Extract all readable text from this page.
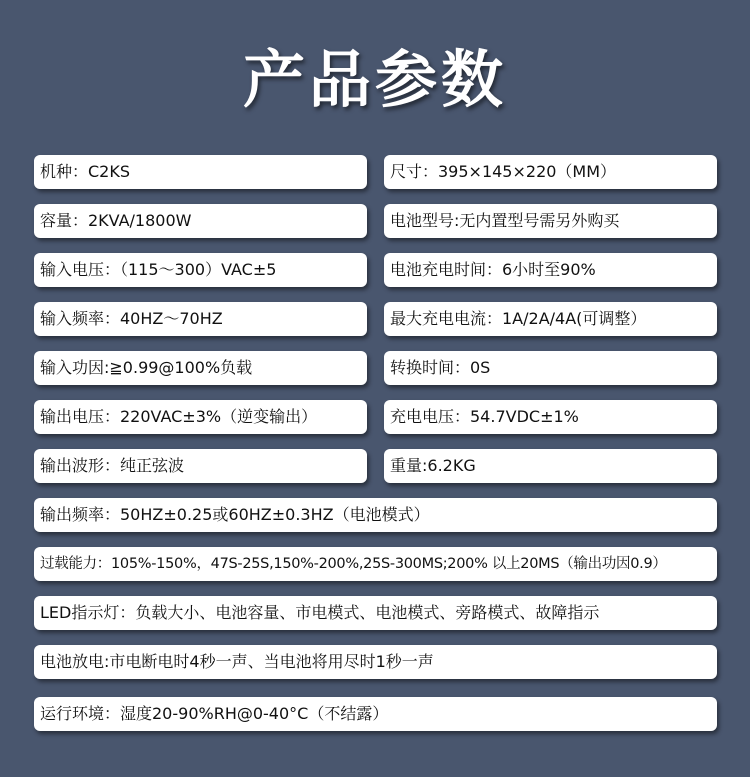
产品参数
机种：C2KS	尺寸：395×145×220（MM）
容量：2KVA/1800W	电池型号:无内置型号需另外购买
输入电压：（115～300）VAC±5	电池充电时间：6小时至90%
输入频率：40HZ～70HZ	最大充电电流：1A/2A/4A(可调整）
输入功因:≧0.99@100%负载	转换时间：0S
输出电压：220VAC±3%（逆变输出）	充电电压：54.7VDC±1%
输出波形：纯正弦波	重量:6.2KG
输出频率：50HZ±0.25或60HZ±0.3HZ（电池模式）
过载能力：105%-150%，47S-25S,150%-200%,25S-300MS;200% 以上20MS（输出功因0.9）
LED指示灯：负载大小、电池容量、市电模式、电池模式、旁路模式、故障指示
电池放电:市电断电时4秒一声、当电池将用尽时1秒一声
运行环境：湿度20-90%RH@0-40°C（不结露）
